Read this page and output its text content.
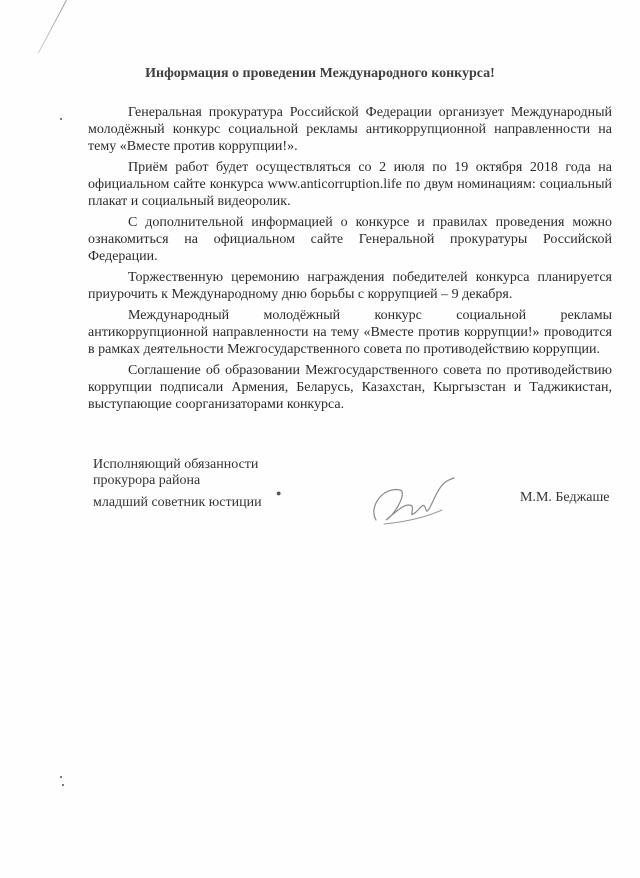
Информация о проведении Международного конкурса!

Генеральная прокуратура Российской Федерации организует Международный молодёжный конкурс социальной рекламы антикоррупционной направленности на тему «Вместе против коррупции!».

Приём работ будет осуществляться со 2 июля по 19 октября 2018 года на официальном сайте конкурса www.anticorruption.life по двум номинациям: социальный плакат и социальный видеоролик.

С дополнительной информацией о конкурсе и правилах проведения можно ознакомиться на официальном сайте Генеральной прокуратуры Российской Федерации.

Торжественную церемонию награждения победителей конкурса планируется приурочить к Международному дню борьбы с коррупцией – 9 декабря.

Международный молодёжный конкурс социальной рекламы антикоррупционной направленности на тему «Вместе против коррупции!» проводится в рамках деятельности Межгосударственного совета по противодействию коррупции.

Соглашение об образовании Межгосударственного совета по противодействию коррупции подписали Армения, Беларусь, Казахстан, Кыргызстан и Таджикистан, выступающие соорганизаторами конкурса.

Исполняющий обязанности
прокурора района
младший советник юстиции
●	М.М. Беджаше
